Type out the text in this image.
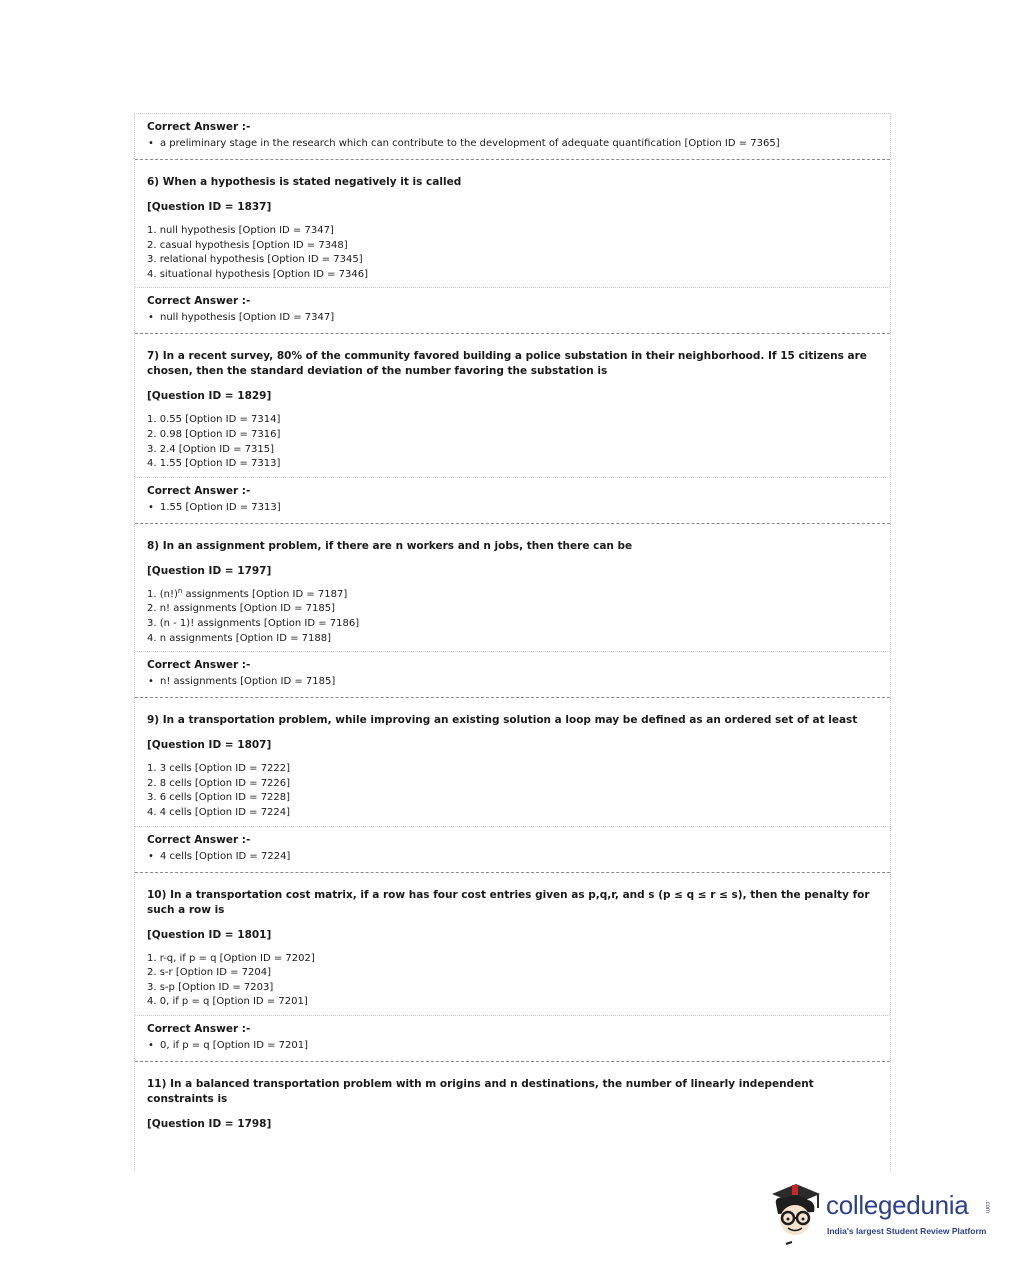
Correct Answer :-
• a preliminary stage in the research which can contribute to the development of adequate quantification [Option ID = 7365]
6) When a hypothesis is stated negatively it is called
[Question ID = 1837]
1. null hypothesis [Option ID = 7347]
2. casual hypothesis [Option ID = 7348]
3. relational hypothesis [Option ID = 7345]
4. situational hypothesis [Option ID = 7346]
Correct Answer :-
• null hypothesis [Option ID = 7347]
7) In a recent survey, 80% of the community favored building a police substation in their neighborhood. If 15 citizens are chosen, then the standard deviation of the number favoring the substation is
[Question ID = 1829]
1. 0.55 [Option ID = 7314]
2. 0.98 [Option ID = 7316]
3. 2.4 [Option ID = 7315]
4. 1.55 [Option ID = 7313]
Correct Answer :-
• 1.55 [Option ID = 7313]
8) In an assignment problem, if there are n workers and n jobs, then there can be
[Question ID = 1797]
1. $(n!)^n$ assignments [Option ID = 7187]
2. n! assignments [Option ID = 7185]
3. (n - 1)! assignments [Option ID = 7186]
4. n assignments [Option ID = 7188]
Correct Answer :-
• n! assignments [Option ID = 7185]
9) In a transportation problem, while improving an existing solution a loop may be defined as an ordered set of at least
[Question ID = 1807]
1. 3 cells [Option ID = 7222]
2. 8 cells [Option ID = 7226]
3. 6 cells [Option ID = 7228]
4. 4 cells [Option ID = 7224]
Correct Answer :-
• 4 cells [Option ID = 7224]
10) In a transportation cost matrix, if a row has four cost entries given as p,q,r, and s (p ≤ q ≤ r ≤ s), then the penalty for such a row is
[Question ID = 1801]
1. r-q, if p = q [Option ID = 7202]
2. s-r [Option ID = 7204]
3. s-p [Option ID = 7203]
4. 0, if p = q [Option ID = 7201]
Correct Answer :-
• 0, if p = q [Option ID = 7201]
11) In a balanced transportation problem with m origins and n destinations, the number of linearly independent constraints is
[Question ID = 1798]
collegedunia	.com
India's largest Student Review Platform
